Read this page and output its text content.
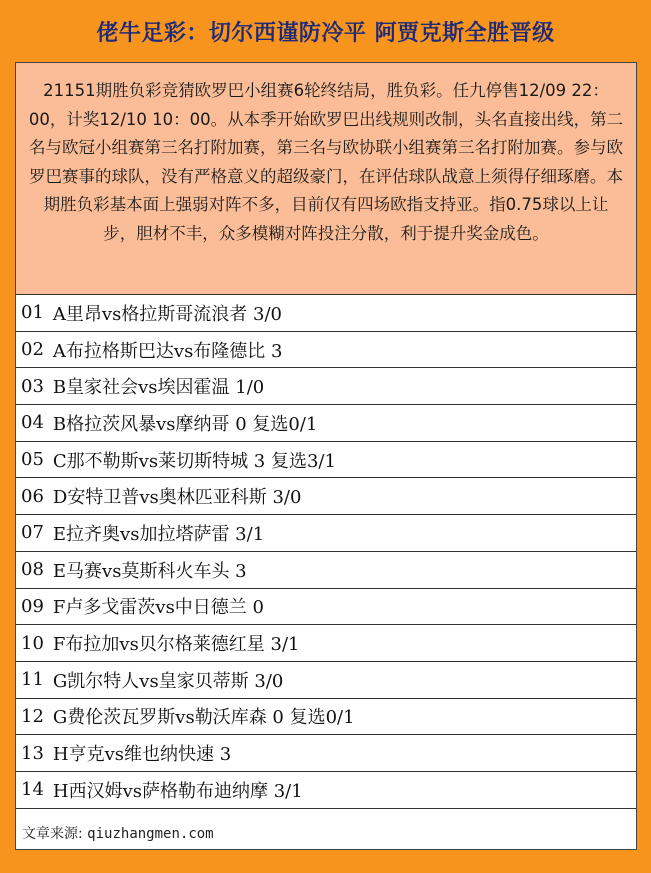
佬牛足彩：切尔西谨防冷平 阿贾克斯全胜晋级
21151期胜负彩竞猜欧罗巴小组赛6轮终结局，胜负彩。任九停售12/09 22：00，计奖12/10 10：00。从本季开始欧罗巴出线规则改制，头名直接出线，第二名与欧冠小组赛第三名打附加赛，第三名与欧协联小组赛第三名打附加赛。参与欧罗巴赛事的球队，没有严格意义的超级豪门，在评估球队战意上须得仔细琢磨。本期胜负彩基本面上强弱对阵不多，目前仅有四场欧指支持亚。指0.75球以上让步，胆材不丰，众多模糊对阵投注分散，利于提升奖金成色。
01 A里昂vs格拉斯哥流浪者 3/0
02 A布拉格斯巴达vs布隆德比 3
03 B皇家社会vs埃因霍温 1/0
04 B格拉茨风暴vs摩纳哥 0 复选0/1
05 C那不勒斯vs莱切斯特城 3 复选3/1
06 D安特卫普vs奥林匹亚科斯 3/0
07 E拉齐奥vs加拉塔萨雷 3/1
08 E马赛vs莫斯科火车头 3
09 F卢多戈雷茨vs中日德兰 0
10 F布拉加vs贝尔格莱德红星 3/1
11 G凯尔特人vs皇家贝蒂斯 3/0
12 G费伦茨瓦罗斯vs勒沃库森 0 复选0/1
13 H亨克vs维也纳快速 3
14 H西汉姆vs萨格勒布迪纳摩 3/1
文章来源: qiuzhangmen.com
